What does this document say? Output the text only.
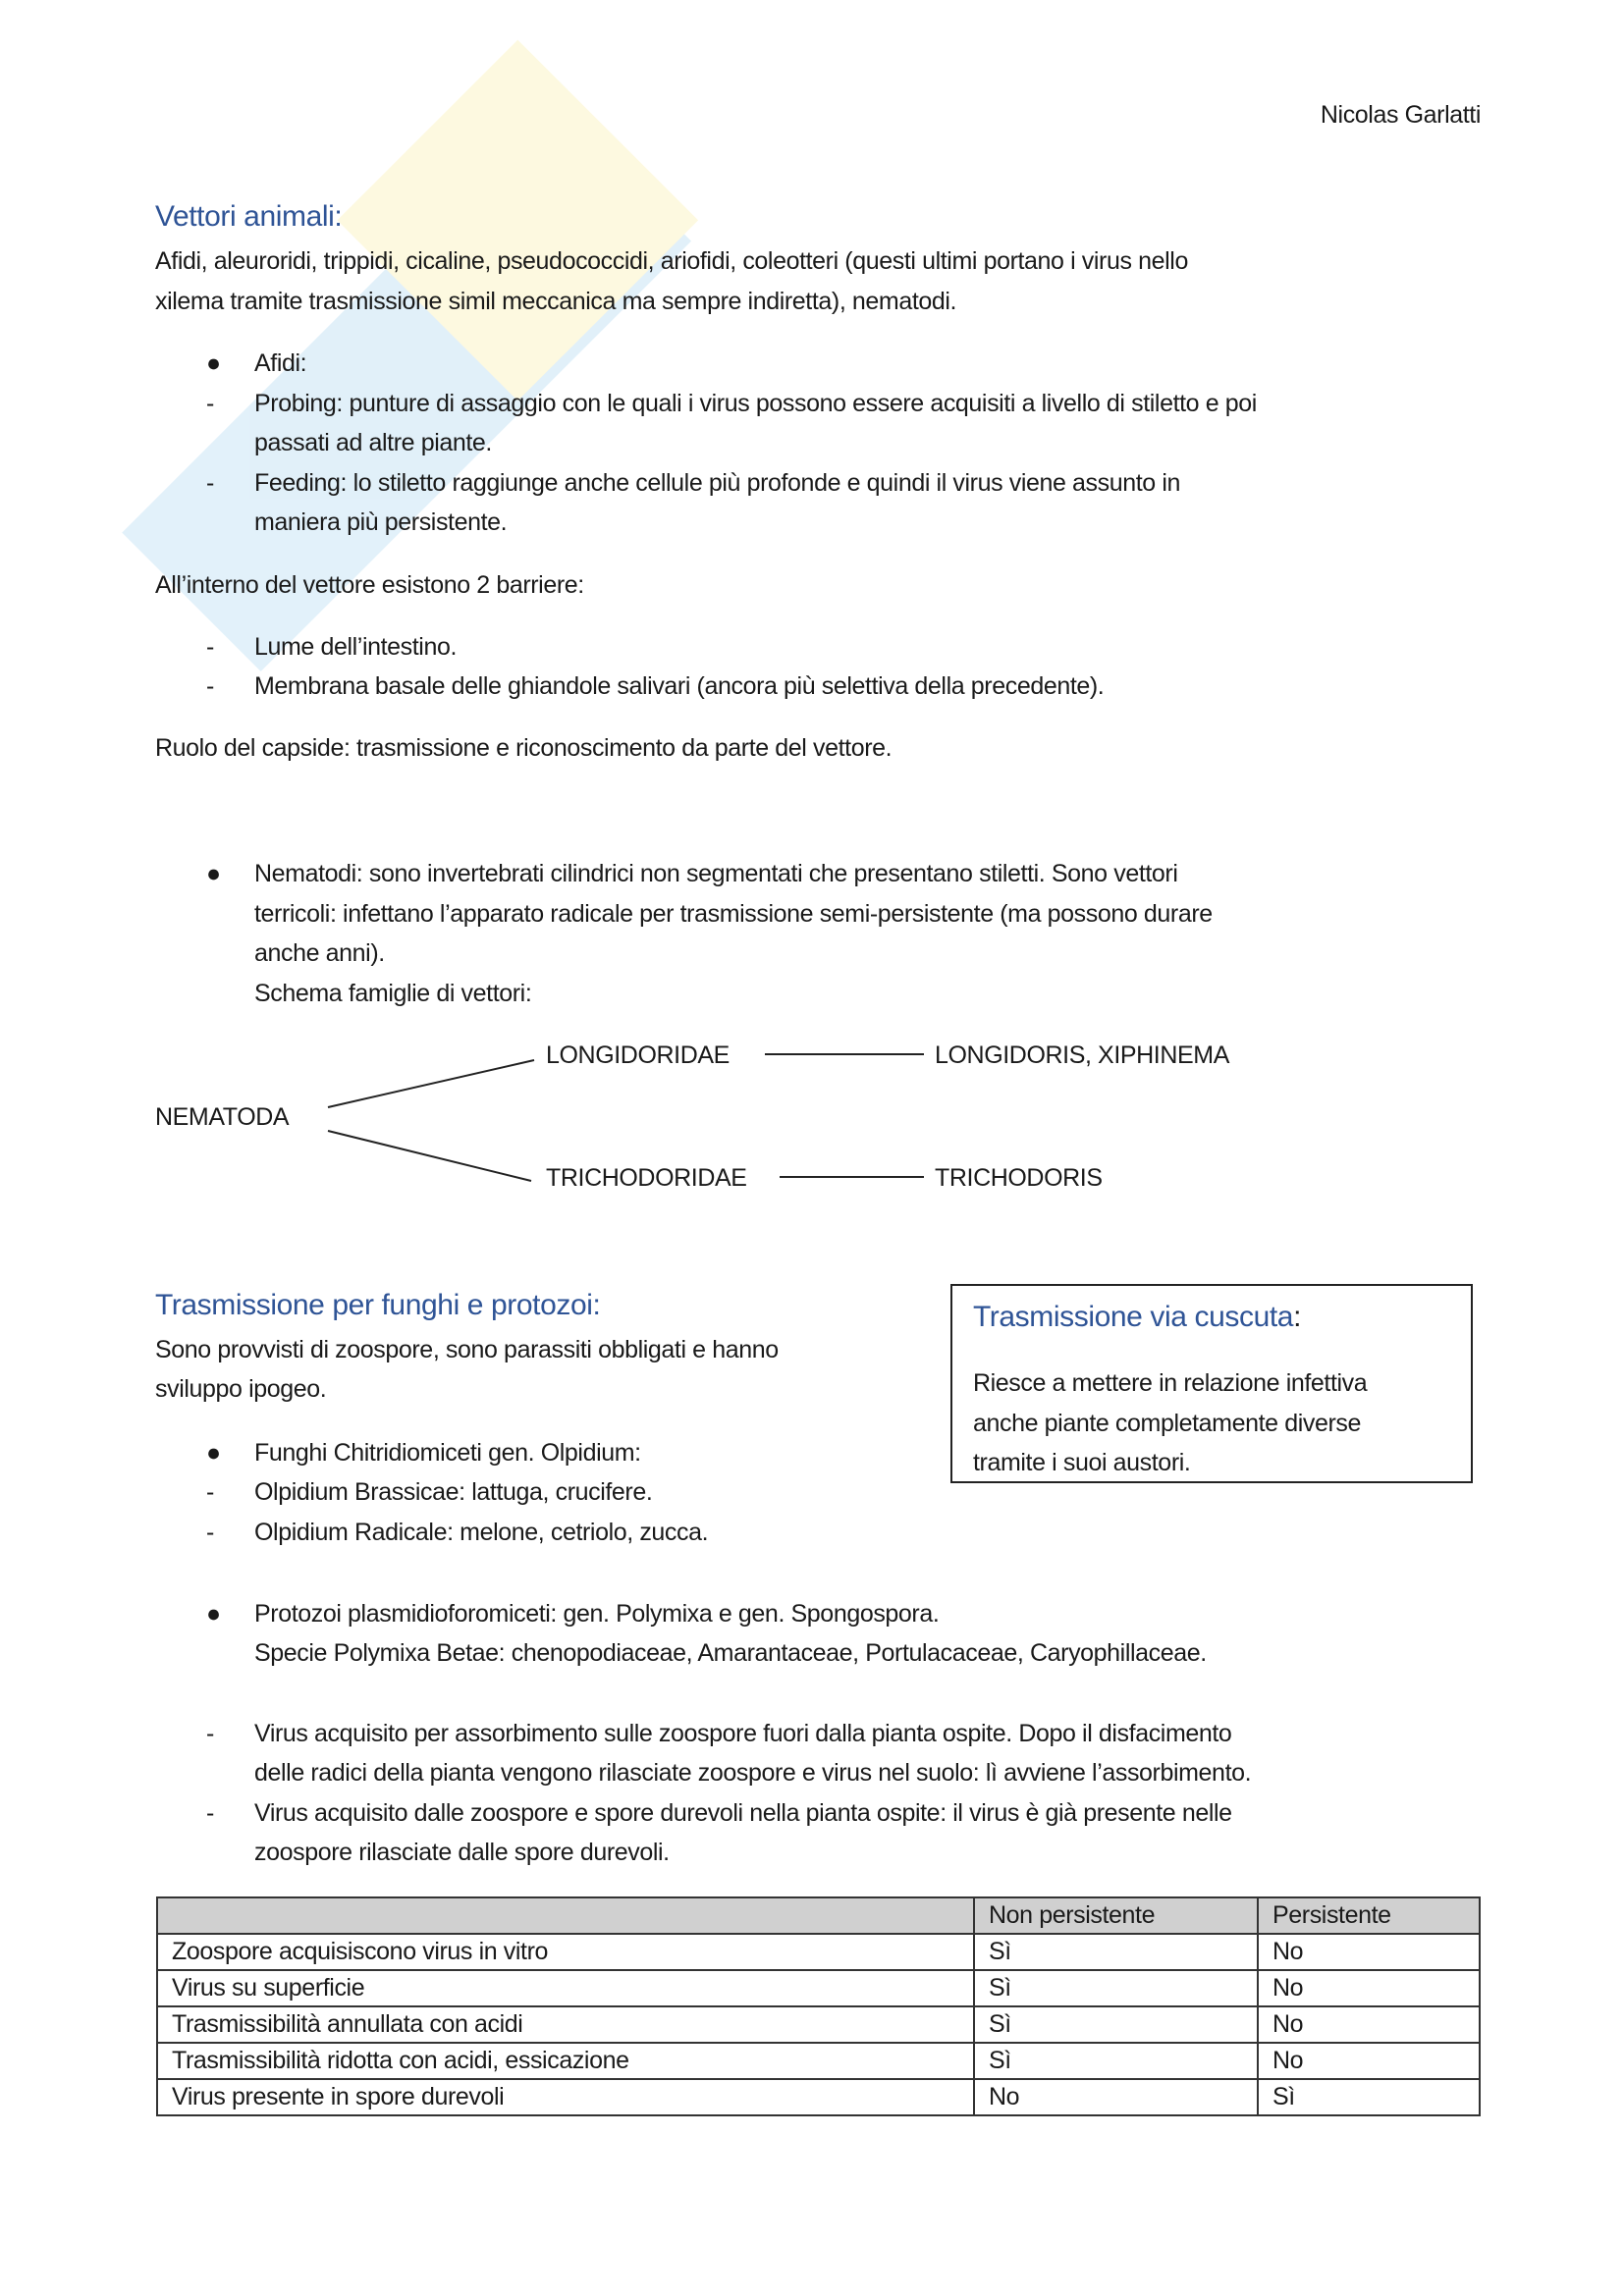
Nicolas Garlatti
Vettori animali:
Afidi, aleuroridi, trippidi, cicaline, pseudococcidi, ariofidi, coleotteri (questi ultimi portano i virus nello
xilema tramite trasmissione simil meccanica ma sempre indiretta), nematodi.
● Afidi:
- Probing: punture di assaggio con le quali i virus possono essere acquisiti a livello di stiletto e poi
passati ad altre piante.
- Feeding: lo stiletto raggiunge anche cellule più profonde e quindi il virus viene assunto in
maniera più persistente.
All’interno del vettore esistono 2 barriere:
- Lume dell’intestino.
- Membrana basale delle ghiandole salivari (ancora più selettiva della precedente).
Ruolo del capside: trasmissione e riconoscimento da parte del vettore.
● Nematodi: sono invertebrati cilindrici non segmentati che presentano stiletti. Sono vettori
terricoli: infettano l’apparato radicale per trasmissione semi-persistente (ma possono durare
anche anni).
Schema famiglie di vettori:
NEMATODA
LONGIDORIDAE	LONGIDORIS, XIPHINEMA
TRICHODORIDAE	TRICHODORIS
Trasmissione per funghi e protozoi:
Sono provvisti di zoospore, sono parassiti obbligati e hanno
sviluppo ipogeo.
Trasmissione via cuscuta:
Riesce a mettere in relazione infettiva
anche piante completamente diverse
tramite i suoi austori.
● Funghi Chitridiomiceti gen. Olpidium:
- Olpidium Brassicae: lattuga, crucifere.
- Olpidium Radicale: melone, cetriolo, zucca.
● Protozoi plasmidioforomiceti: gen. Polymixa e gen. Spongospora.
Specie Polymixa Betae: chenopodiaceae, Amarantaceae, Portulacaceae, Caryophillaceae.
- Virus acquisito per assorbimento sulle zoospore fuori dalla pianta ospite. Dopo il disfacimento
delle radici della pianta vengono rilasciate zoospore e virus nel suolo: lì avviene l’assorbimento.
- Virus acquisito dalle zoospore e spore durevoli nella pianta ospite: il virus è già presente nelle
zoospore rilasciate dalle spore durevoli.
	Non persistente	Persistente
Zoospore acquisiscono virus in vitro	Sì	No
Virus su superficie	Sì	No
Trasmissibilità annullata con acidi	Sì	No
Trasmissibilità ridotta con acidi, essicazione	Sì	No
Virus presente in spore durevoli	No	Sì
